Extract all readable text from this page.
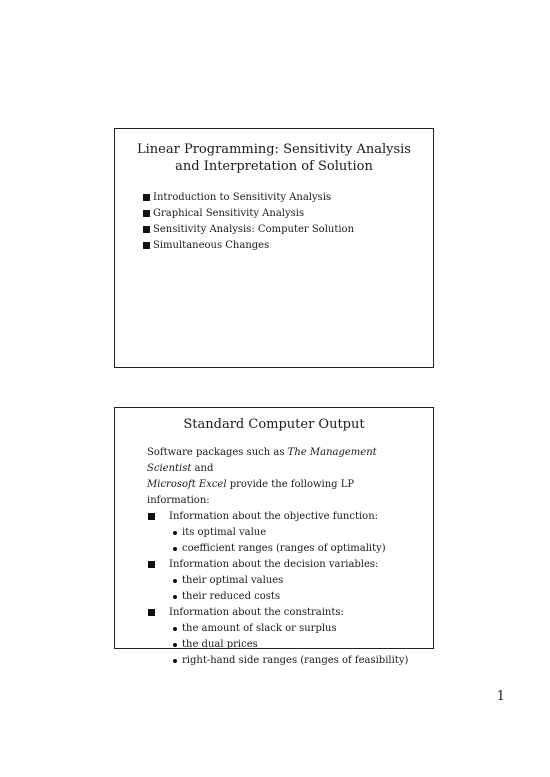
Linear Programming: Sensitivity Analysis
and Interpretation of Solution
Introduction to Sensitivity Analysis
Graphical Sensitivity Analysis
Sensitivity Analysis: Computer Solution
Simultaneous Changes
Standard Computer Output
Software packages such as The Management Scientist and
Microsoft Excel provide the following LP information:
Information about the objective function:
its optimal value
coefficient ranges (ranges of optimality)
Information about the decision variables:
their optimal values
their reduced costs
Information about the constraints:
the amount of slack or surplus
the dual prices
right-hand side ranges (ranges of feasibility)
1
